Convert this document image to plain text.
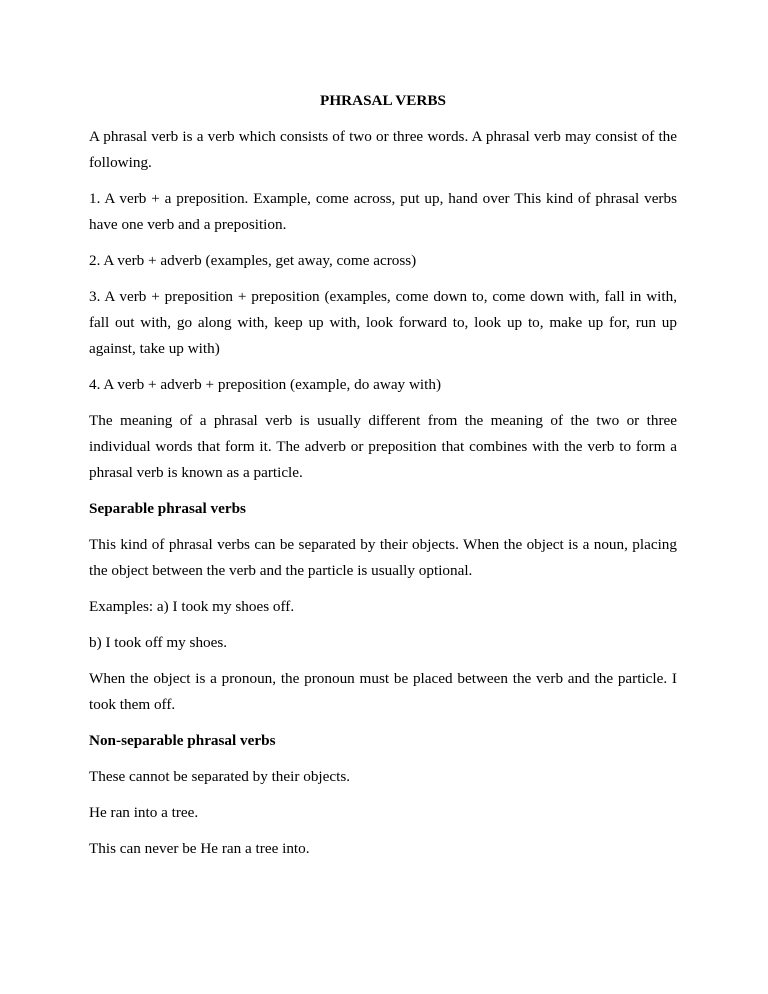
PHRASAL VERBS

A phrasal verb is a verb which consists of two or three words. A phrasal verb may consist of the following.

1. A verb + a preposition. Example, come across, put up, hand over This kind of phrasal verbs have one verb and a preposition.

2. A verb + adverb (examples, get away, come across)

3. A verb + preposition + preposition (examples, come down to, come down with, fall in with, fall out with, go along with, keep up with, look forward to, look up to, make up for, run up against, take up with)

4. A verb + adverb + preposition (example, do away with)

The meaning of a phrasal verb is usually different from the meaning of the two or three individual words that form it. The adverb or preposition that combines with the verb to form a phrasal verb is known as a particle.

Separable phrasal verbs

This kind of phrasal verbs can be separated by their objects. When the object is a noun, placing the object between the verb and the particle is usually optional.

Examples: a) I took my shoes off.

b) I took off my shoes.

When the object is a pronoun, the pronoun must be placed between the verb and the particle. I took them off.

Non-separable phrasal verbs

These cannot be separated by their objects.

He ran into a tree.

This can never be He ran a tree into.
